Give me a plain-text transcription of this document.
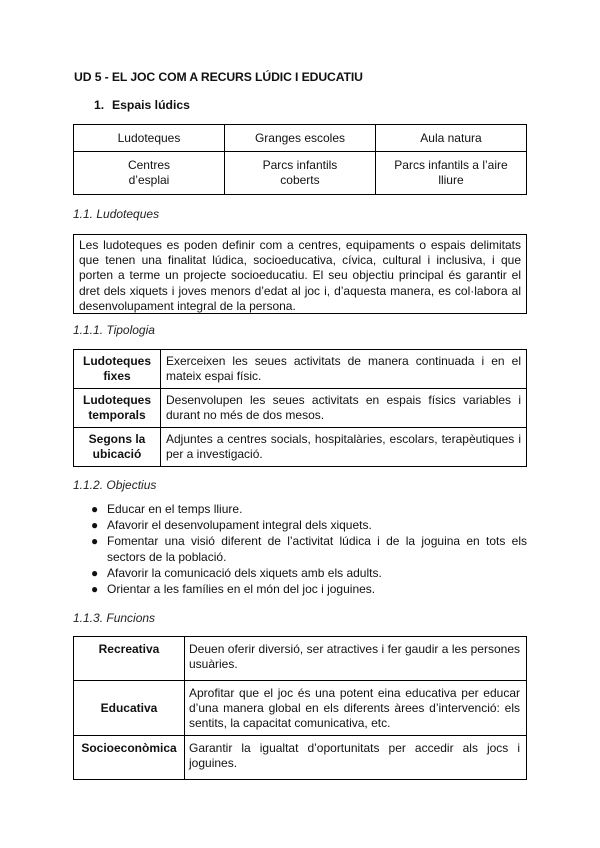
UD 5 - EL JOC COM A RECURS LÚDIC I EDUCATIU
1. Espais lúdics
Ludoteques	Granges escoles	Aula natura

Centres d’esplai	Parcs infantils coberts	Parcs infantils a l’aire lliure
1.1. Ludoteques
Les ludoteques es poden definir com a centres, equipaments o espais delimitats que tenen una finalitat lúdica, socioeducativa, cívica, cultural i inclusiva, i que porten a terme un projecte socioeducatiu. El seu objectiu principal és garantir el dret dels xiquets i joves menors d’edat al joc i, d’aquesta manera, es col·labora al desenvolupament integral de la persona.
1.1.1. Tipologia
Ludoteques fixes	Exerceixen les seues activitats de manera continuada i en el mateix espai físic.
Ludoteques temporals	Desenvolupen les seues activitats en espais físics variables i durant no més de dos mesos.
Segons la ubicació	Adjuntes a centres socials, hospitalàries, escolars, terapèutiques i per a investigació.
1.1.2. Objectius
● Educar en el temps lliure.
● Afavorir el desenvolupament integral dels xiquets.
● Fomentar una visió diferent de l’activitat lúdica i de la joguina en tots els sectors de la població.
● Afavorir la comunicació dels xiquets amb els adults.
● Orientar a les famílies en el món del joc i joguines.
1.1.3. Funcions
Recreativa	Deuen oferir diversió, ser atractives i fer gaudir a les persones usuàries.
Educativa	Aprofitar que el joc és una potent eina educativa per educar d’una manera global en els diferents àrees d’intervenció: els sentits, la capacitat comunicativa, etc.
Socioeconòmica	Garantir la igualtat d’oportunitats per accedir als jocs i joguines.
